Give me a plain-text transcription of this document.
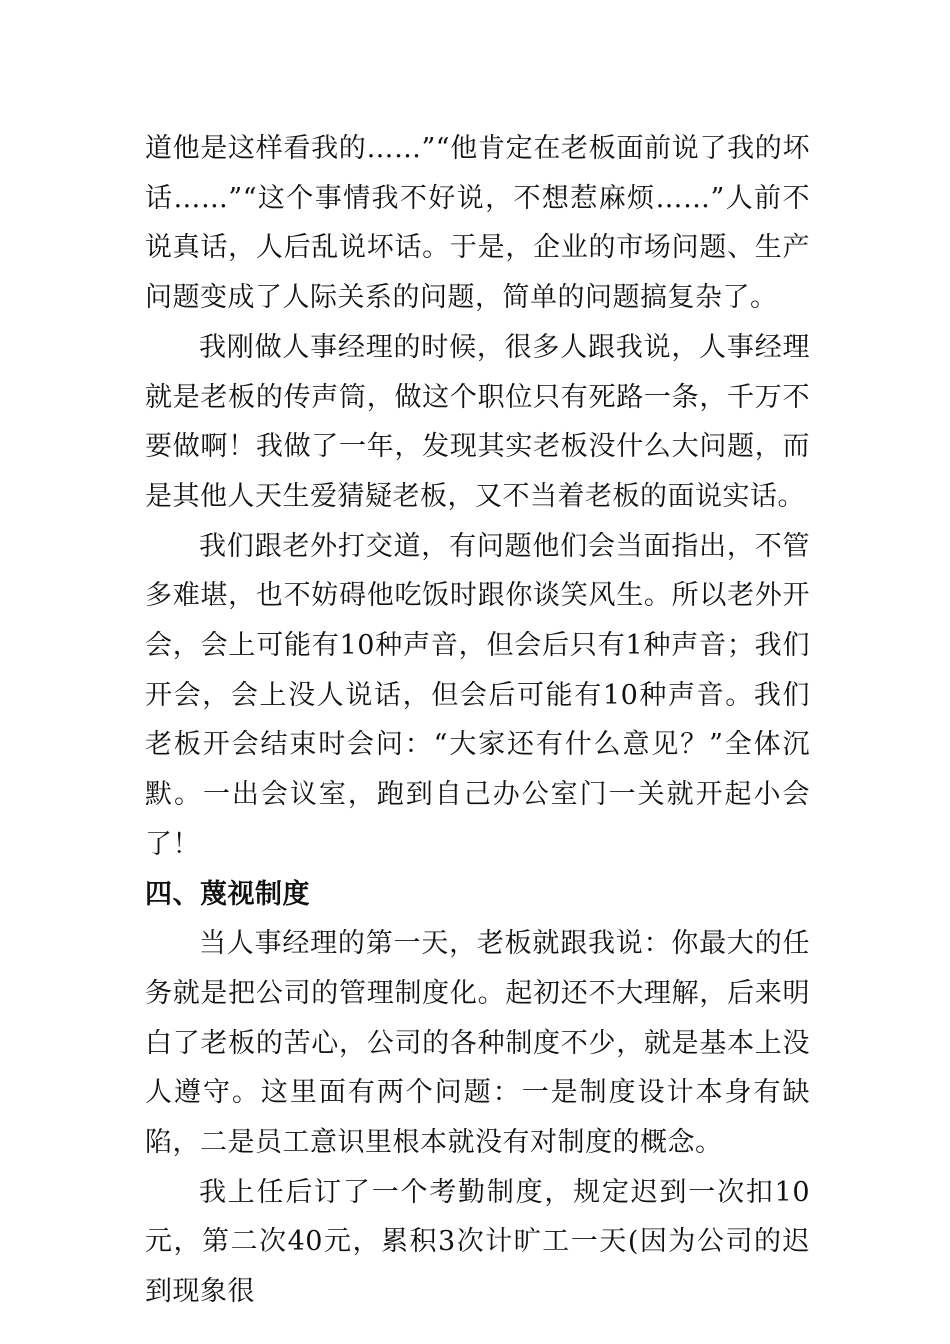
道他是这样看我的……”“他肯定在老板面前说了我的坏话……”“这个事情我不好说，不想惹麻烦……”人前不说真话，人后乱说坏话。于是，企业的市场问题、生产问题变成了人际关系的问题，简单的问题搞复杂了。

我刚做人事经理的时候，很多人跟我说，人事经理就是老板的传声筒，做这个职位只有死路一条，千万不要做啊！我做了一年，发现其实老板没什么大问题，而是其他人天生爱猜疑老板，又不当着老板的面说实话。

我们跟老外打交道，有问题他们会当面指出，不管多难堪，也不妨碍他吃饭时跟你谈笑风生。所以老外开会，会上可能有10种声音，但会后只有1种声音；我们开会，会上没人说话，但会后可能有10种声音。我们老板开会结束时会问：“大家还有什么意见？”全体沉默。一出会议室，跑到自己办公室门一关就开起小会了！

四、蔑视制度

当人事经理的第一天，老板就跟我说：你最大的任务就是把公司的管理制度化。起初还不大理解，后来明白了老板的苦心，公司的各种制度不少，就是基本上没人遵守。这里面有两个问题：一是制度设计本身有缺陷，二是员工意识里根本就没有对制度的概念。

我上任后订了一个考勤制度，规定迟到一次扣10元，第二次40元，累积3次计旷工一天(因为公司的迟到现象很
